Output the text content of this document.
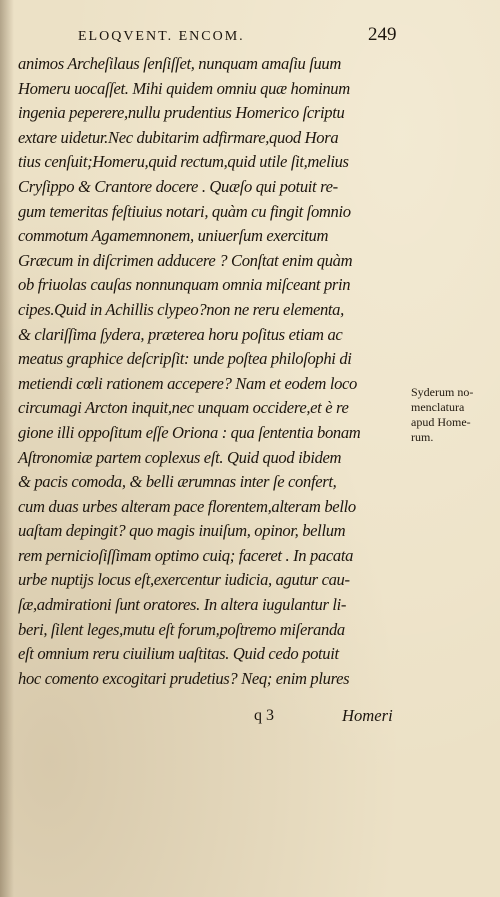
ELOQVENT. ENCOM.	249
animos Archeſilaus ſenſiſſet, nunquam amaſiu ſuum
Homeru uocaſſet. Mihi quidem omniu quæ hominum
ingenia peperere,nullu prudentius Homerico ſcriptu
extare uidetur.Nec dubitarim adfirmare,quod Hora
tius cenſuit;Homeru,quid rectum,quid utile ſit,melius
Cryſippo & Crantore docere . Quæſo qui potuit re-
gum temeritas feſtiuius notari, quàm cu fingit ſomnio
commotum Agamemnonem, uniuerſum exercitum
Græcum in diſcrimen adducere ? Conſtat enim quàm
ob friuolas cauſas nonnunquam omnia miſceant prin
cipes.Quid in Achillis clypeo?non ne reru elementa,
& clariſſima ſydera, præterea horu poſitus etiam ac
meatus graphice deſcripſit: unde poſtea philoſophi di
metiendi cœli rationem accepere? Nam et eodem loco
circumagi Arcton inquit,nec unquam occidere,et è re
gione illi oppoſitum eſſe Oriona : qua ſententia bonam
Aſtronomiæ partem coplexus eſt. Quid quod ibidem
& pacis comoda, & belli ærumnas inter ſe confert,
cum duas urbes alteram pace florentem,alteram bello
uaſtam depingit? quo magis inuiſum, opinor, bellum
rem pernicioſiſſimam optimo cuiq; faceret . In pacata
urbe nuptijs locus eſt,exercentur iudicia, agutur cau-
ſæ,admirationi ſunt oratores. In altera iugulantur li-
beri, ſilent leges,mutu eſt forum,poſtremo miſeranda
eſt omnium reru ciuilium uaſtitas. Quid cedo potuit
hoc comento excogitari prudetius? Neq; enim plures
Syderum no-
menclatura
apud Home-
rum.
q 3	Homeri
